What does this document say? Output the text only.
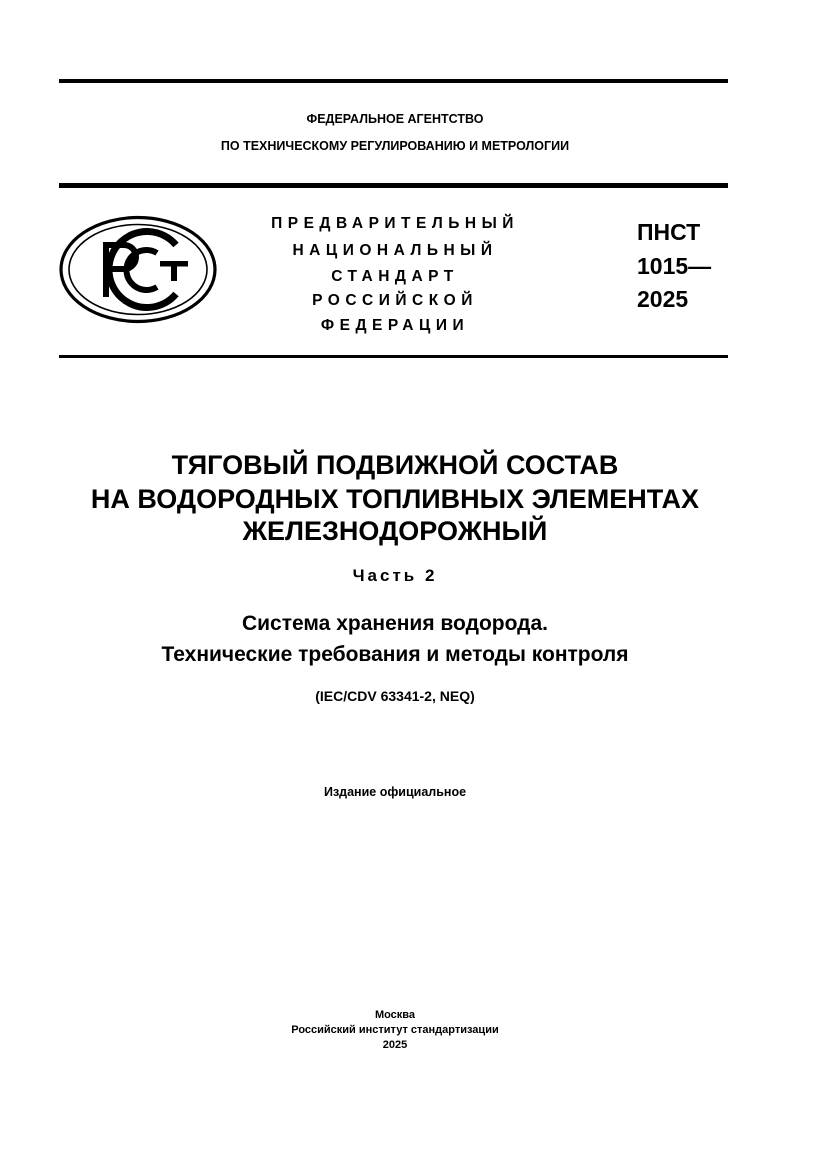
ФЕДЕРАЛЬНОЕ АГЕНТСТВО
ПО ТЕХНИЧЕСКОМУ РЕГУЛИРОВАНИЮ И МЕТРОЛОГИИ
ПРЕДВАРИТЕЛЬНЫЙ
НАЦИОНАЛЬНЫЙ
СТАНДАРТ
РОССИЙСКОЙ
ФЕДЕРАЦИИ
ПНСТ
1015—
2025
ТЯГОВЫЙ ПОДВИЖНОЙ СОСТАВ
НА ВОДОРОДНЫХ ТОПЛИВНЫХ ЭЛЕМЕНТАХ
ЖЕЛЕЗНОДОРОЖНЫЙ
Часть 2
Система хранения водорода.
Технические требования и методы контроля
(IEC/CDV 63341-2, NEQ)
Издание официальное
Москва
Российский институт стандартизации
2025
